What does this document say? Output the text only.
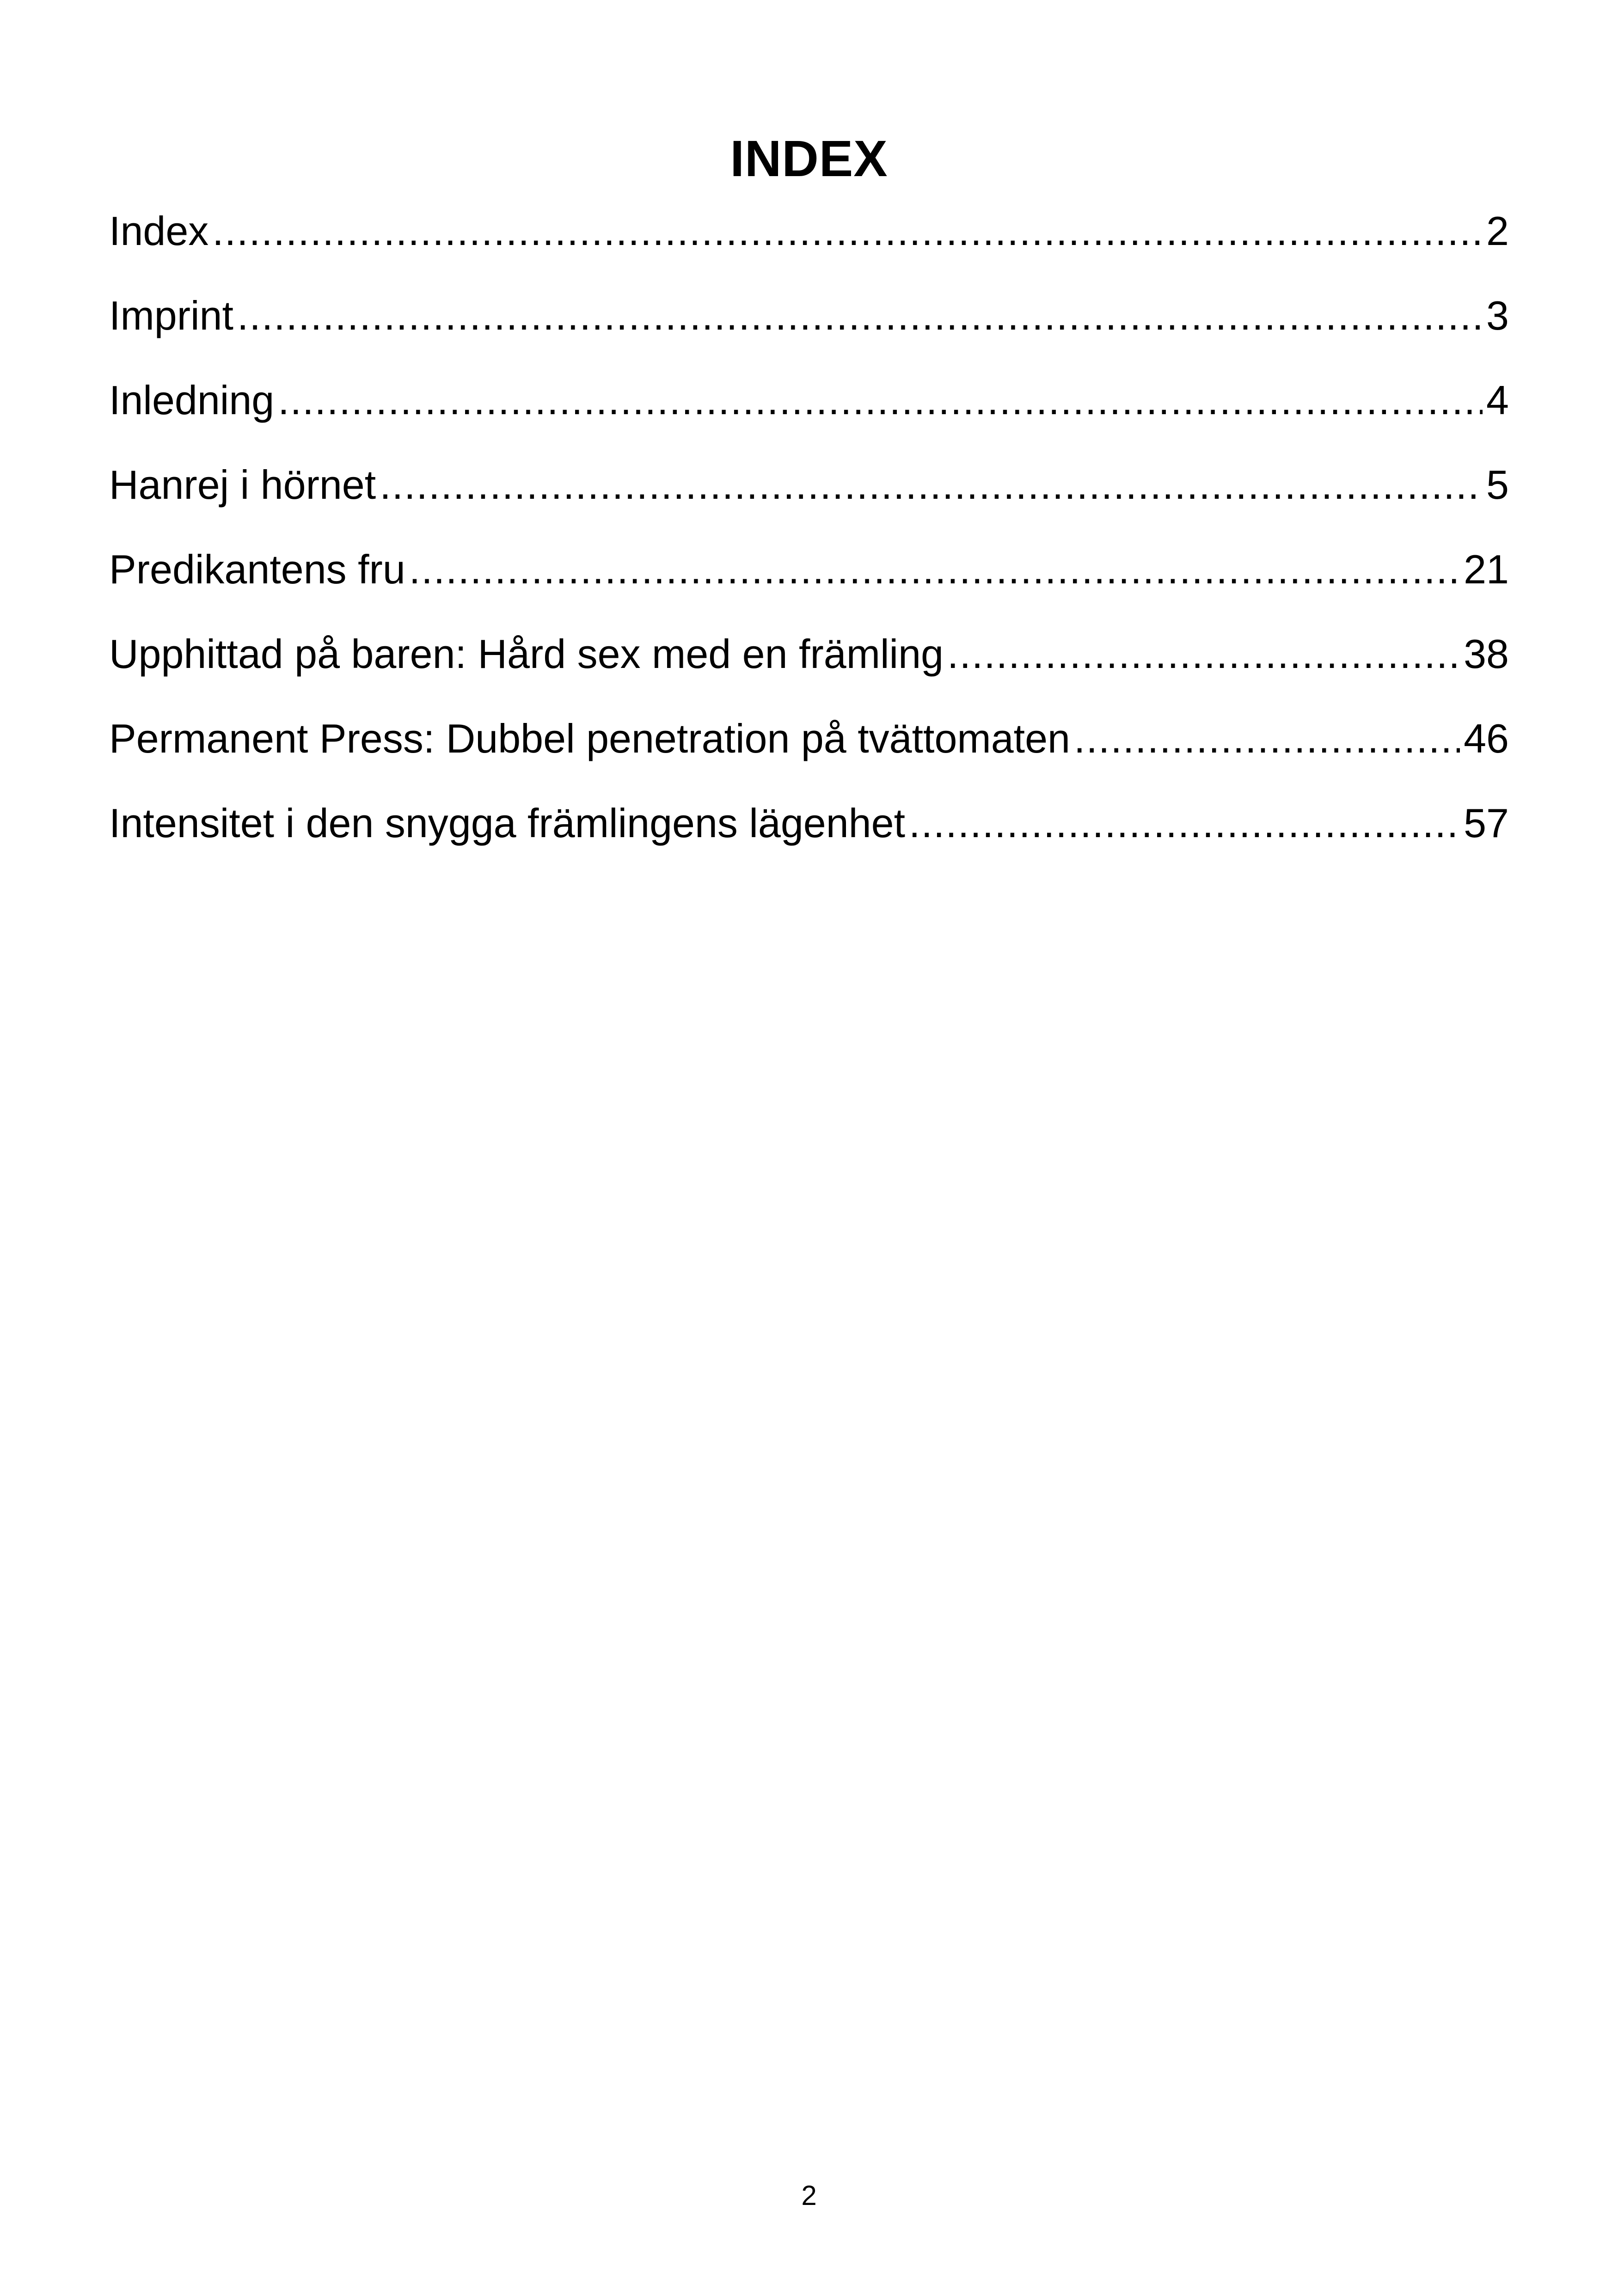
INDEX
Index .....	2
Imprint .....	3
Inledning .....	4
Hanrej i hörnet .....	5
Predikantens fru .....	21
Upphittad på baren: Hård sex med en främling .....	38
Permanent Press: Dubbel penetration på tvättomaten .....	46
Intensitet i den snygga främlingens lägenhet .....	57
2
